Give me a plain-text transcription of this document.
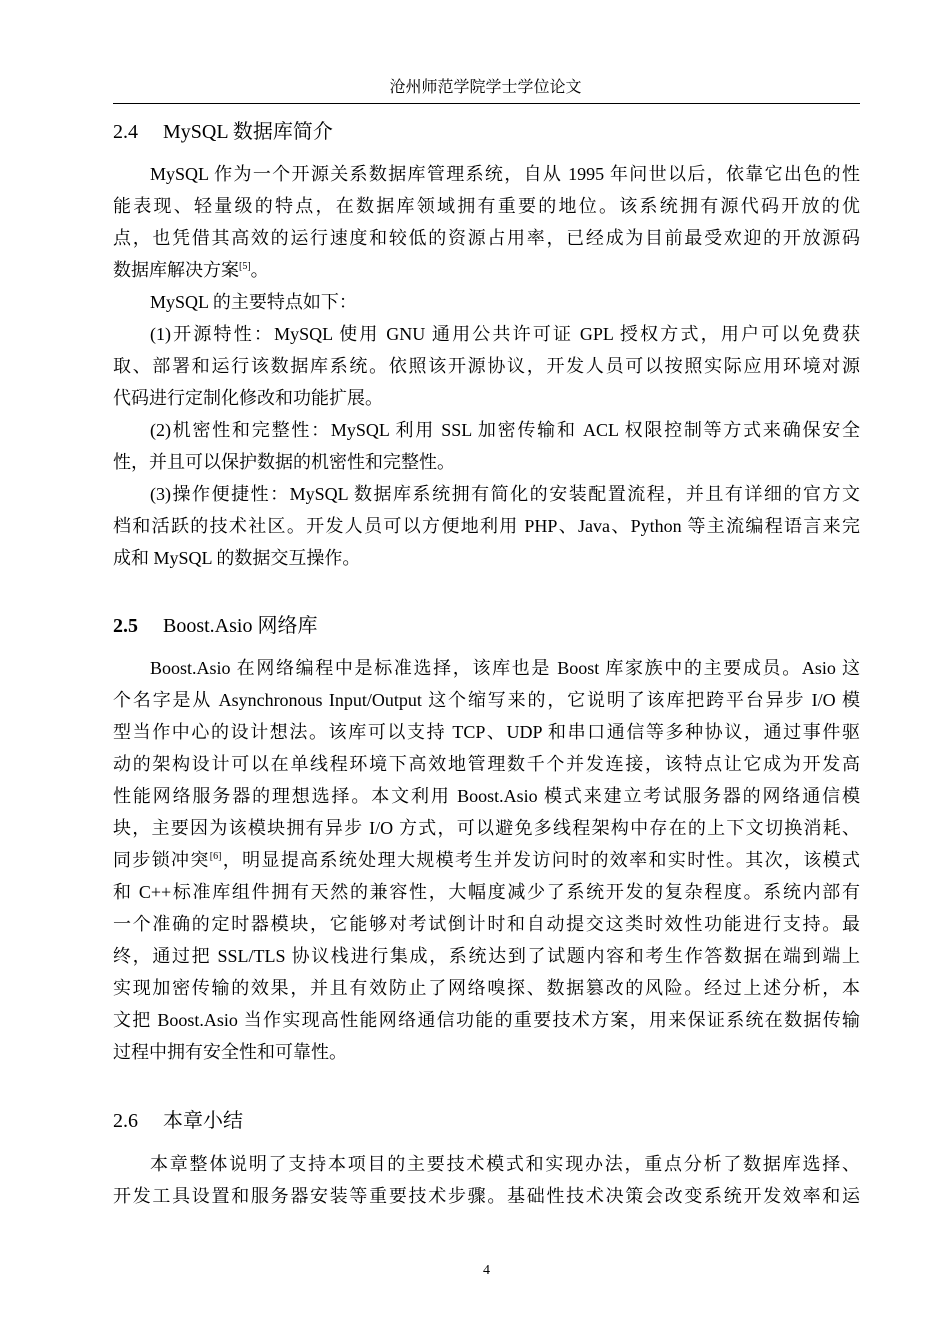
沧州师范学院学士学位论文
2.4 MySQL 数据库简介
MySQL 作为一个开源关系数据库管理系统，自从 1995 年问世以后，依靠它出色的性
能表现、轻量级的特点，在数据库领域拥有重要的地位。该系统拥有源代码开放的优
点，也凭借其高效的运行速度和较低的资源占用率，已经成为目前最受欢迎的开放源码
数据库解决方案[5]。
MySQL 的主要特点如下：
(1)开源特性：MySQL 使用 GNU 通用公共许可证 GPL 授权方式，用户可以免费获
取、部署和运行该数据库系统。依照该开源协议，开发人员可以按照实际应用环境对源
代码进行定制化修改和功能扩展。
(2)机密性和完整性：MySQL 利用 SSL 加密传输和 ACL 权限控制等方式来确保安全
性，并且可以保护数据的机密性和完整性。
(3)操作便捷性：MySQL 数据库系统拥有简化的安装配置流程，并且有详细的官方文
档和活跃的技术社区。开发人员可以方便地利用 PHP、Java、Python 等主流编程语言来完
成和 MySQL 的数据交互操作。
2.5 Boost.Asio 网络库
Boost.Asio 在网络编程中是标准选择，该库也是 Boost 库家族中的主要成员。Asio 这
个名字是从 Asynchronous Input/Output 这个缩写来的，它说明了该库把跨平台异步 I/O 模
型当作中心的设计想法。该库可以支持 TCP、UDP 和串口通信等多种协议，通过事件驱
动的架构设计可以在单线程环境下高效地管理数千个并发连接，该特点让它成为开发高
性能网络服务器的理想选择。本文利用 Boost.Asio 模式来建立考试服务器的网络通信模
块，主要因为该模块拥有异步 I/O 方式，可以避免多线程架构中存在的上下文切换消耗、
同步锁冲突[6]，明显提高系统处理大规模考生并发访问时的效率和实时性。其次，该模式
和 C++标准库组件拥有天然的兼容性，大幅度减少了系统开发的复杂程度。系统内部有
一个准确的定时器模块，它能够对考试倒计时和自动提交这类时效性功能进行支持。最
终，通过把 SSL/TLS 协议栈进行集成，系统达到了试题内容和考生作答数据在端到端上
实现加密传输的效果，并且有效防止了网络嗅探、数据篡改的风险。经过上述分析，本
文把 Boost.Asio 当作实现高性能网络通信功能的重要技术方案，用来保证系统在数据传输
过程中拥有安全性和可靠性。
2.6 本章小结
本章整体说明了支持本项目的主要技术模式和实现办法，重点分析了数据库选择、
开发工具设置和服务器安装等重要技术步骤。基础性技术决策会改变系统开发效率和运
4
